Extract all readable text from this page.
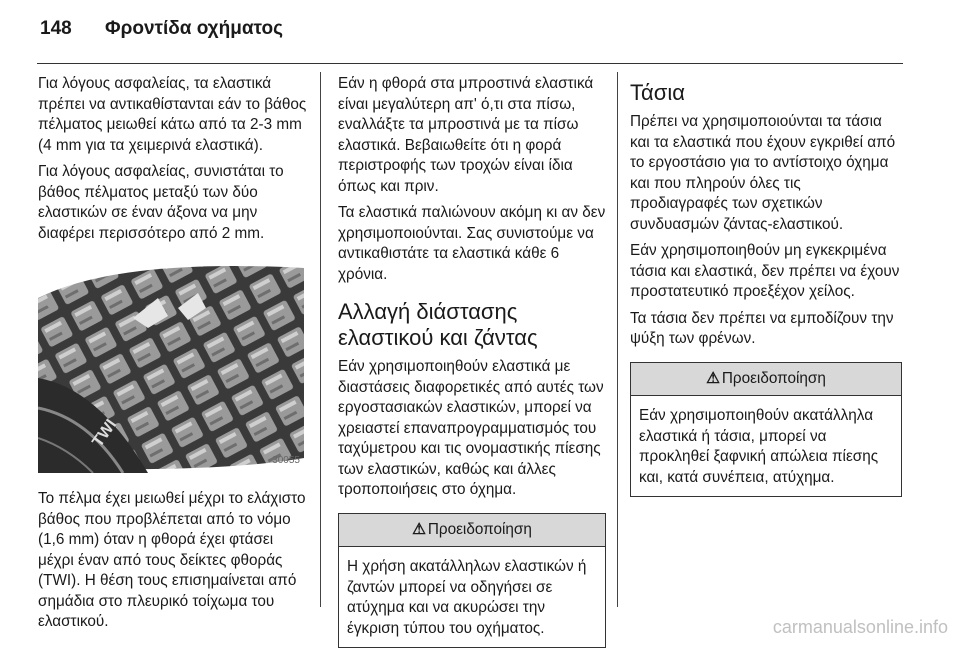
148 Φροντίδα οχήματος

Για λόγους ασφαλείας, τα ελαστικά πρέπει να αντικαθίστανται εάν το βάθος πέλματος μειωθεί κάτω από τα 2-3 mm (4 mm για τα χειμερινά ελαστικά).

Για λόγους ασφαλείας, συνιστάται το βάθος πέλματος μεταξύ των δύο ελαστικών σε έναν άξονα να μην διαφέρει περισσότερο από 2 mm.

TWI
30055

Το πέλμα έχει μειωθεί μέχρι το ελάχιστο βάθος που προβλέπεται από το νόμο (1,6 mm) όταν η φθορά έχει φτάσει μέχρι έναν από τους δείκτες φθοράς (TWI). Η θέση τους επισημαίνεται από σημάδια στο πλευρικό τοίχωμα του ελαστικού.

Εάν η φθορά στα μπροστινά ελαστικά είναι μεγαλύτερη απ' ό,τι στα πίσω, εναλλάξτε τα μπροστινά με τα πίσω ελαστικά. Βεβαιωθείτε ότι η φορά περιστροφής των τροχών είναι ίδια όπως και πριν.

Τα ελαστικά παλιώνουν ακόμη κι αν δεν χρησιμοποιούνται. Σας συνιστούμε να αντικαθιστάτε τα ελαστικά κάθε 6 χρόνια.

Αλλαγή διάστασης ελαστικού και ζάντας

Εάν χρησιμοποιηθούν ελαστικά με διαστάσεις διαφορετικές από αυτές των εργοστασιακών ελαστικών, μπορεί να χρειαστεί επαναπρογραμματισμός του ταχύμετρου και τις ονομαστικής πίεσης των ελαστικών, καθώς και άλλες τροποποιήσεις στο όχημα.

⚠ Προειδοποίηση
Η χρήση ακατάλληλων ελαστικών ή ζαντών μπορεί να οδηγήσει σε ατύχημα και να ακυρώσει την έγκριση τύπου του οχήματος.
Τάσια

Πρέπει να χρησιμοποιούνται τα τάσια και τα ελαστικά που έχουν εγκριθεί από το εργοστάσιο για το αντίστοιχο όχημα και που πληρούν όλες τις προδιαγραφές των σχετικών συνδυασμών ζάντας-ελαστικού.

Εάν χρησιμοποιηθούν μη εγκεκριμένα τάσια και ελαστικά, δεν πρέπει να έχουν προστατευτικό προεξέχον χείλος.

Τα τάσια δεν πρέπει να εμποδίζουν την ψύξη των φρένων.

⚠ Προειδοποίηση
Εάν χρησιμοποιηθούν ακατάλληλα ελαστικά ή τάσια, μπορεί να προκληθεί ξαφνική απώλεια πίεσης και, κατά συνέπεια, ατύχημα.
carmanualsonline.info
